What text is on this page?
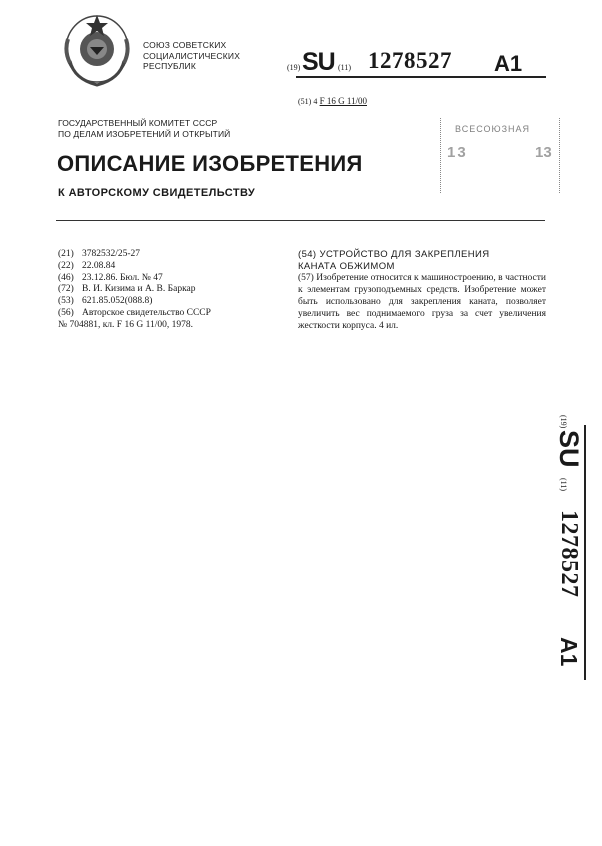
СОЮЗ СОВЕТСКИХ
СОЦИАЛИСТИЧЕСКИХ
РЕСПУБЛИК	(19) SU (11) 1278527 A1
(51) 4 F 16 G 11/00
ВСЕСОЮЗНАЯ
13	13
ГОСУДАРСТВЕННЫЙ КОМИТЕТ СССР
ПО ДЕЛАМ ИЗОБРЕТЕНИЙ И ОТКРЫТИЙ
ОПИСАНИЕ ИЗОБРЕТЕНИЯ
К АВТОРСКОМУ СВИДЕТЕЛЬСТВУ
(21) 3782532/25-27
(22) 22.08.84
(46) 23.12.86. Бюл. № 47
(72) В. И. Кизима и А. В. Баркар
(53) 621.85.052(088.8)
(56) Авторское свидетельство СССР
№ 704881, кл. F 16 G 11/00, 1978.
(54) УСТРОЙСТВО ДЛЯ ЗАКРЕПЛЕНИЯ
КАНАТА ОБЖИМОМ
(57) Изобретение относится к машиностроению, в частности к элементам грузоподъемных средств. Изобретение может быть использовано для закрепления каната, позволяет увеличить вес поднимаемого груза за счет увеличения жесткости корпуса. 4 ил.
(19)
SU
(11)
1278527
A1
